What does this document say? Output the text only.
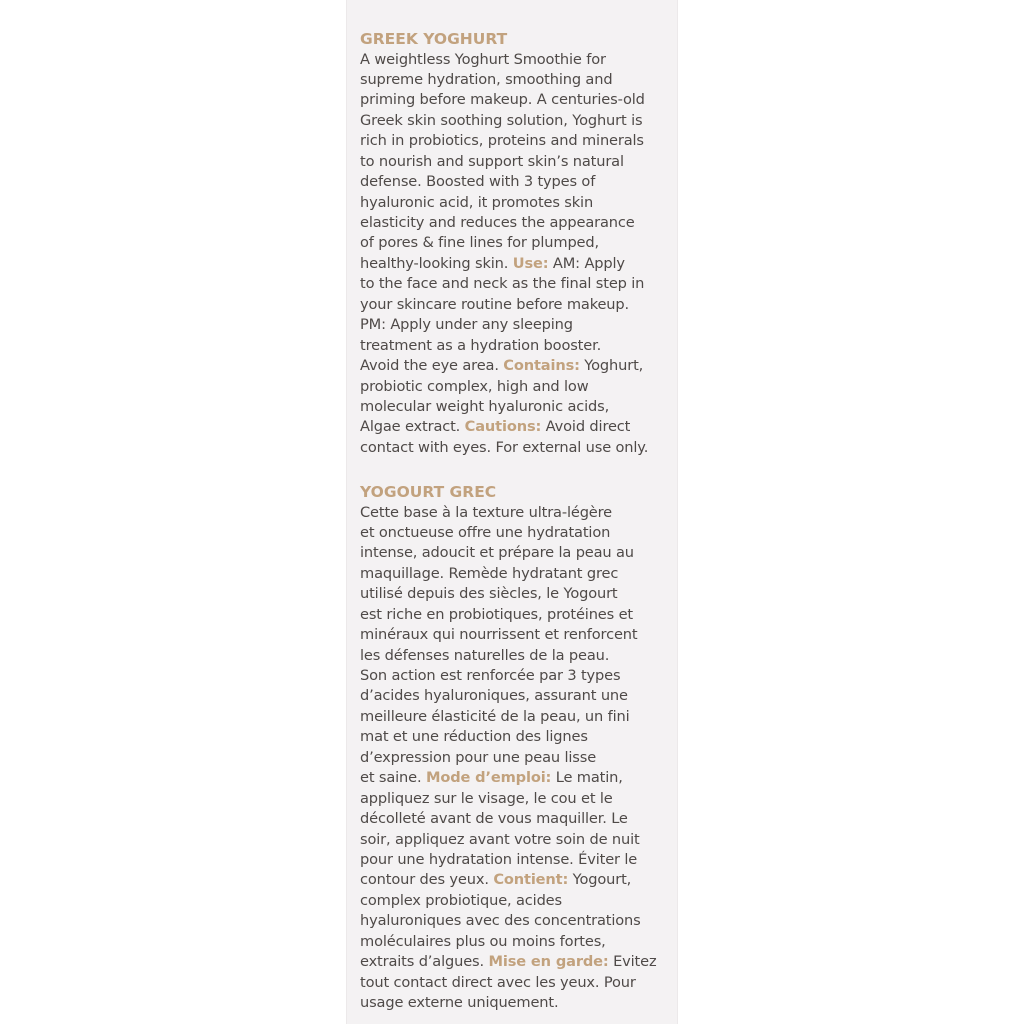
GREEK YOGHURT
A weightless Yoghurt Smoothie for
supreme hydration, smoothing and
priming before makeup. A centuries-old
Greek skin soothing solution, Yoghurt is
rich in probiotics, proteins and minerals
to nourish and support skin’s natural
defense. Boosted with 3 types of
hyaluronic acid, it promotes skin
elasticity and reduces the appearance
of pores & fine lines for plumped,
healthy-looking skin. Use: AM: Apply
to the face and neck as the final step in
your skincare routine before makeup.
PM: Apply under any sleeping
treatment as a hydration booster.
Avoid the eye area. Contains: Yoghurt,
probiotic complex, high and low
molecular weight hyaluronic acids,
Algae extract. Cautions: Avoid direct
contact with eyes. For external use only.
YOGOURT GREC
Cette base à la texture ultra-légère
et onctueuse offre une hydratation
intense, adoucit et prépare la peau au
maquillage. Remède hydratant grec
utilisé depuis des siècles, le Yogourt
est riche en probiotiques, protéines et
minéraux qui nourrissent et renforcent
les défenses naturelles de la peau.
Son action est renforcée par 3 types
d’acides hyaluroniques, assurant une
meilleure élasticité de la peau, un fini
mat et une réduction des lignes
d’expression pour une peau lisse
et saine. Mode d’emploi: Le matin,
appliquez sur le visage, le cou et le
décolleté avant de vous maquiller. Le
soir, appliquez avant votre soin de nuit
pour une hydratation intense. Éviter le
contour des yeux. Contient: Yogourt,
complex probiotique, acides
hyaluroniques avec des concentrations
moléculaires plus ou moins fortes,
extraits d’algues. Mise en garde: Evitez
tout contact direct avec les yeux. Pour
usage externe uniquement.
